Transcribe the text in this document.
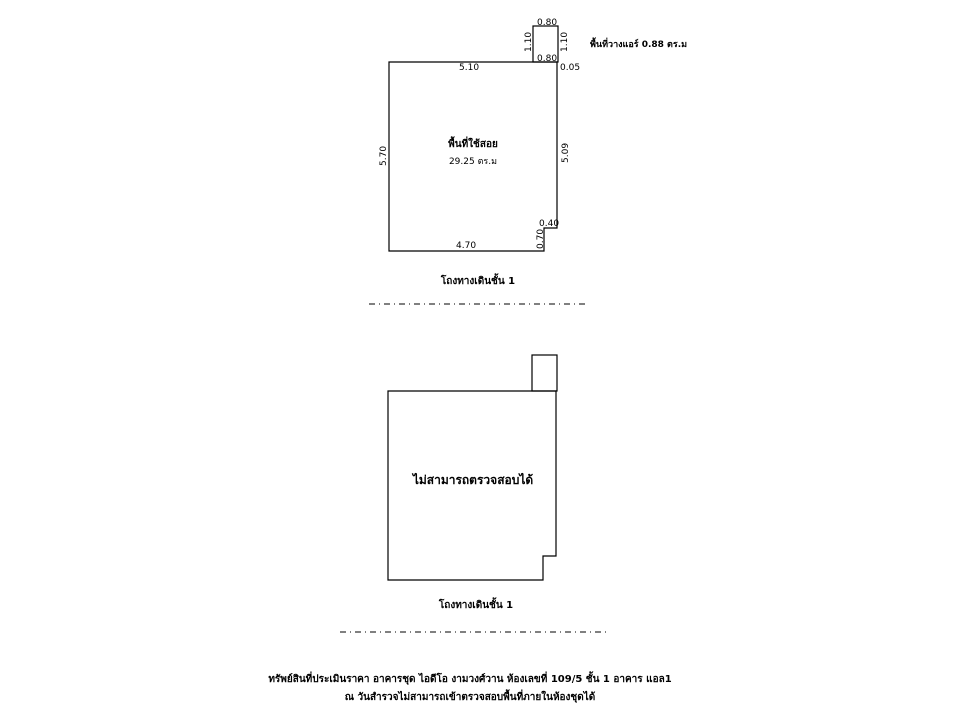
0.80
0.80
1.10	1.10
5.10	0.05
5.70	5.09
0.40
0.70
4.70
พื้นที่วางแอร์ 0.88 ตร.ม
พื้นที่ใช้สอย
29.25 ตร.ม
โถงทางเดินชั้น 1
ไม่สามารถตรวจสอบได้
โถงทางเดินชั้น 1
ทรัพย์สินที่ประเมินราคา อาคารชุด ไอดีโอ งามวงศ์วาน ห้องเลขที่ 109/5 ชั้น 1 อาคาร แอล1
ณ วันสำรวจไม่สามารถเข้าตรวจสอบพื้นที่ภายในห้องชุดได้
